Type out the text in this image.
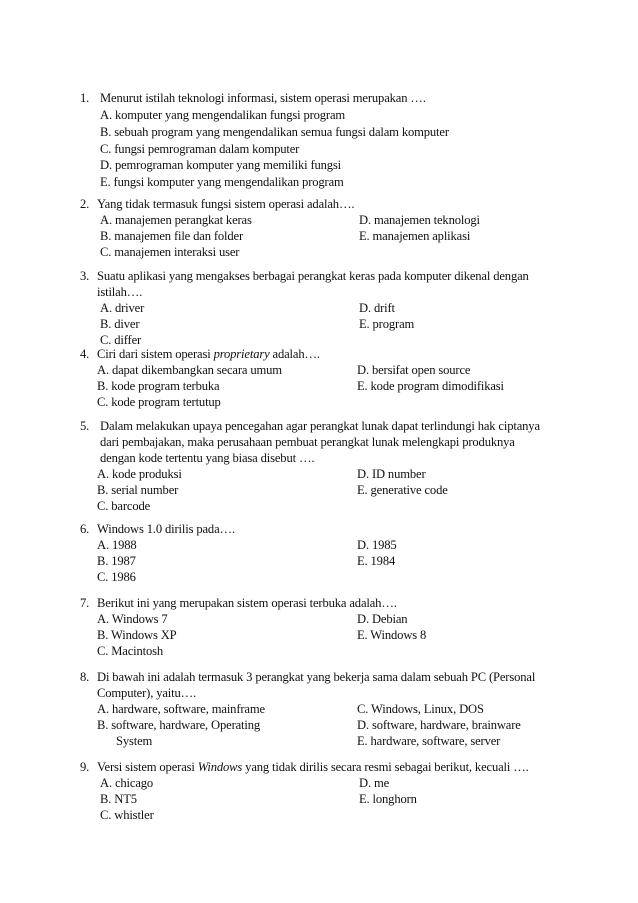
1. Menurut istilah teknologi informasi, sistem operasi merupakan ….
A. komputer yang mengendalikan fungsi program
B. sebuah program yang mengendalikan semua fungsi dalam komputer
C. fungsi pemrograman dalam komputer
D. pemrograman komputer yang memiliki fungsi
E. fungsi komputer yang mengendalikan program
2. Yang tidak termasuk fungsi sistem operasi adalah….
A. manajemen perangkat keras	D. manajemen teknologi
B. manajemen file dan folder	E. manajemen aplikasi
C. manajemen interaksi user
3. Suatu aplikasi yang mengakses berbagai perangkat keras pada komputer dikenal dengan
istilah….
A. driver	D. drift
B. diver	E. program
C. differ
4. Ciri dari sistem operasi proprietary adalah….
A. dapat dikembangkan secara umum	D. bersifat open source
B. kode program terbuka	E. kode program dimodifikasi
C. kode program tertutup
5. Dalam melakukan upaya pencegahan agar perangkat lunak dapat terlindungi hak ciptanya
dari pembajakan, maka perusahaan pembuat perangkat lunak melengkapi produknya
dengan kode tertentu yang biasa disebut ….
A. kode produksi	D. ID number
B. serial number	E. generative code
C. barcode
6. Windows 1.0 dirilis pada….
A. 1988	D. 1985
B. 1987	E. 1984
C. 1986
7. Berikut ini yang merupakan sistem operasi terbuka adalah….
A. Windows 7	D. Debian
B. Windows XP	E. Windows 8
C. Macintosh
8. Di bawah ini adalah termasuk 3 perangkat yang bekerja sama dalam sebuah PC (Personal
Computer), yaitu….
A. hardware, software, mainframe	C. Windows, Linux, DOS
B. software, hardware, Operating	D. software, hardware, brainware
System	E. hardware, software, server
9. Versi sistem operasi Windows yang tidak dirilis secara resmi sebagai berikut, kecuali ….
A. chicago	D. me
B. NT5	E. longhorn
C. whistler
